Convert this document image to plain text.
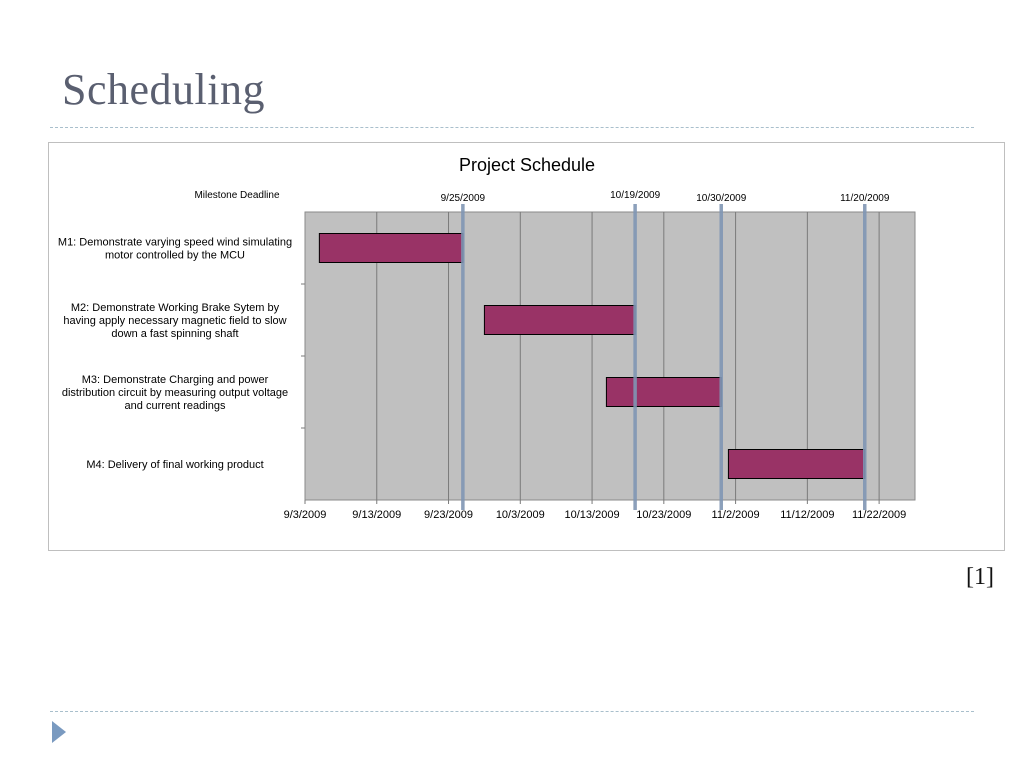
Scheduling
Project Schedule
Milestone Deadline
9/3/2009 9/13/2009 9/23/2009 10/3/2009 10/13/2009 10/23/2009 11/2/2009 11/12/2009 11/22/2009
M1: Demonstrate varying speed wind simulating motor controlled by the MCU
M2: Demonstrate Working Brake Sytem by having apply necessary magnetic field to slow down a fast spinning shaft
M3: Demonstrate Charging and power distribution circuit by measuring output voltage and current readings
M4: Delivery of final working product
9/25/2009	10/19/2009	10/30/2009	11/20/2009
[1]
